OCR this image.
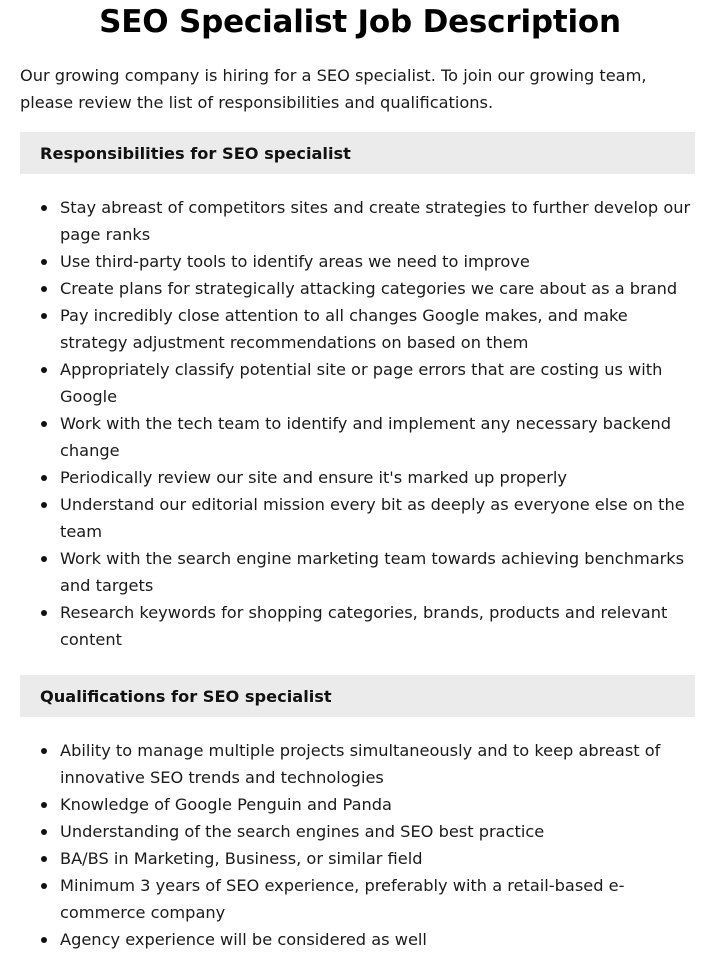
SEO Specialist Job Description

Our growing company is hiring for a SEO specialist. To join our growing team, please review the list of responsibilities and qualifications.

Responsibilities for SEO specialist
Stay abreast of competitors sites and create strategies to further develop our page ranks
Use third-party tools to identify areas we need to improve
Create plans for strategically attacking categories we care about as a brand
Pay incredibly close attention to all changes Google makes, and make strategy adjustment recommendations on based on them
Appropriately classify potential site or page errors that are costing us with Google
Work with the tech team to identify and implement any necessary backend change
Periodically review our site and ensure it's marked up properly
Understand our editorial mission every bit as deeply as everyone else on the team
Work with the search engine marketing team towards achieving benchmarks and targets
Research keywords for shopping categories, brands, products and relevant content
Qualifications for SEO specialist
Ability to manage multiple projects simultaneously and to keep abreast of innovative SEO trends and technologies
Knowledge of Google Penguin and Panda
Understanding of the search engines and SEO best practice
BA/BS in Marketing, Business, or similar field
Minimum 3 years of SEO experience, preferably with a retail-based e-commerce company
Agency experience will be considered as well
